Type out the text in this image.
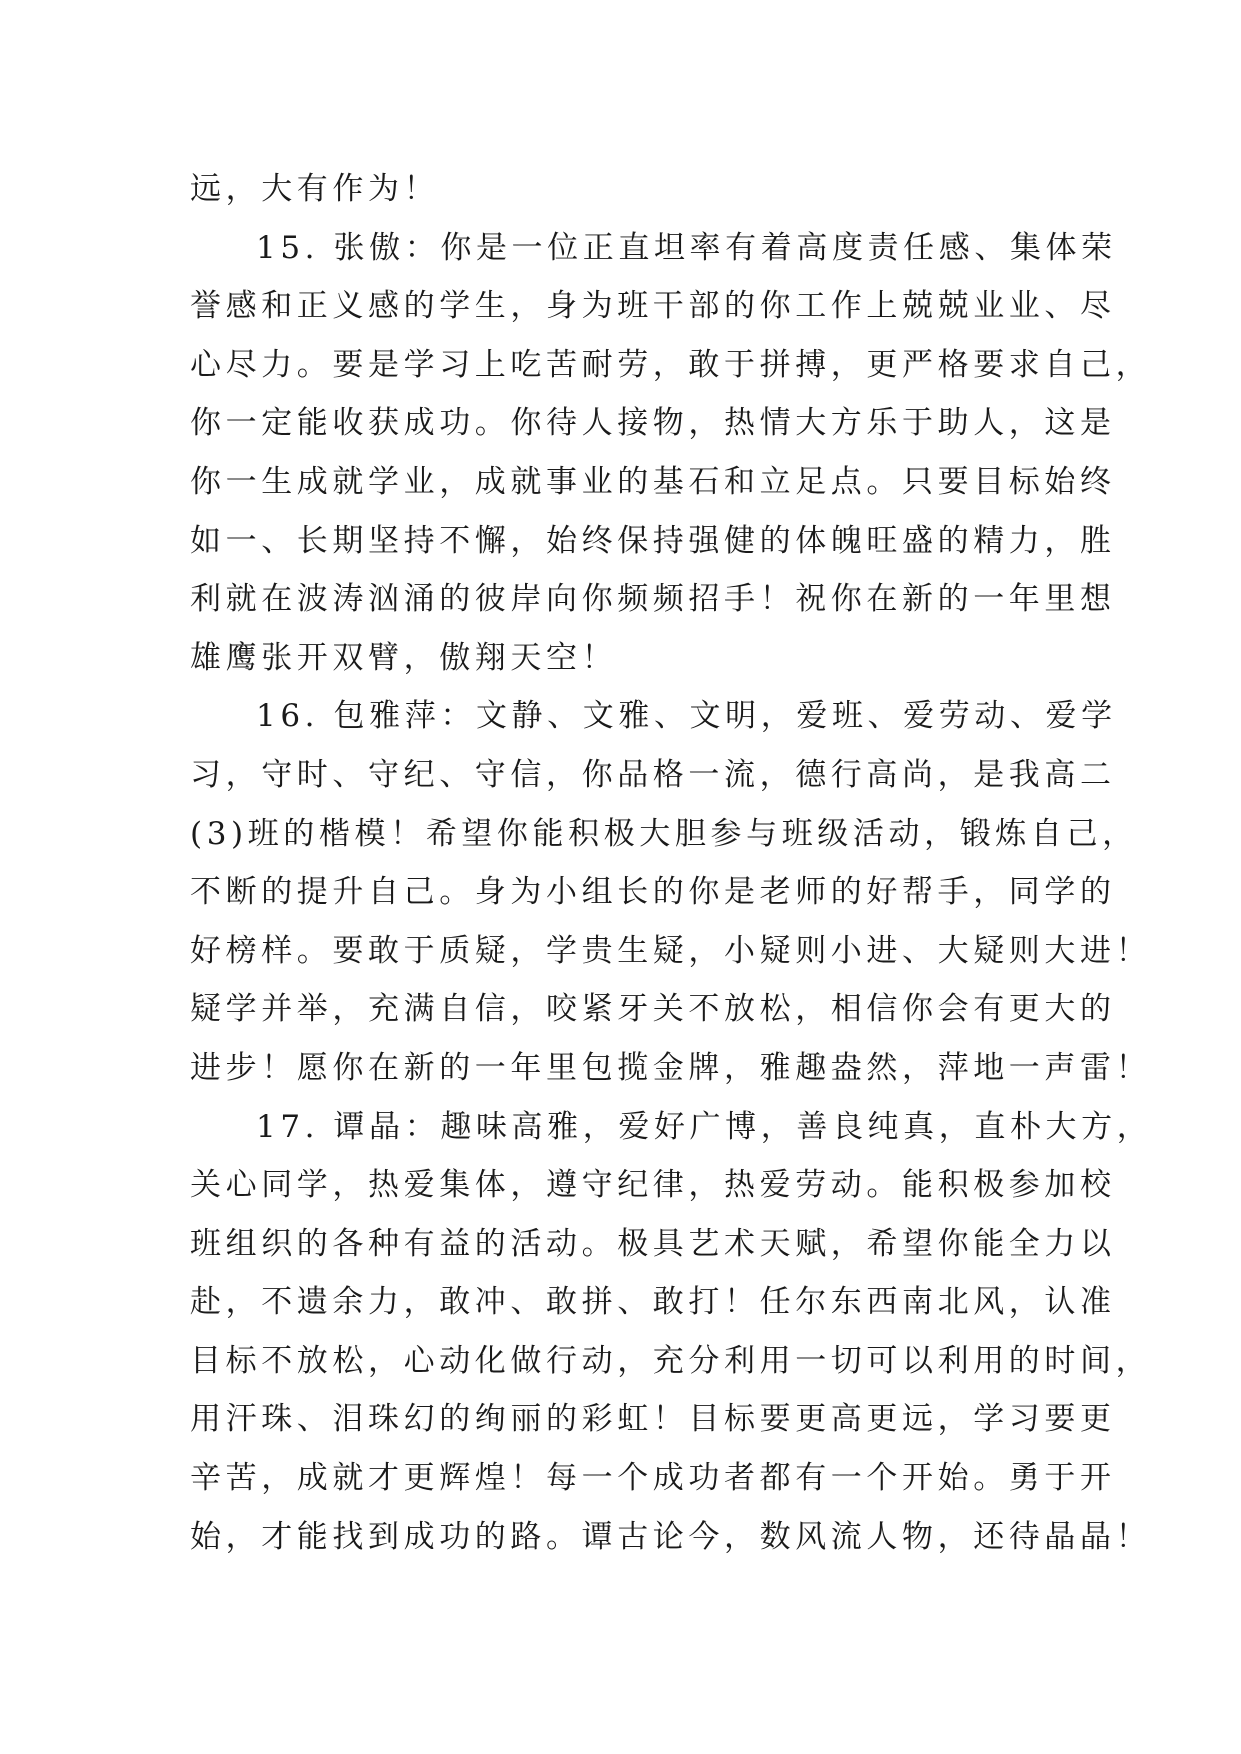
远，大有作为！
15. 张傲：你是一位正直坦率有着高度责任感、集体荣
誉感和正义感的学生，身为班干部的你工作上兢兢业业、尽
心尽力。要是学习上吃苦耐劳，敢于拼搏，更严格要求自己，
你一定能收获成功。你待人接物，热情大方乐于助人，这是
你一生成就学业，成就事业的基石和立足点。只要目标始终
如一、长期坚持不懈，始终保持强健的体魄旺盛的精力，胜
利就在波涛汹涌的彼岸向你频频招手！祝你在新的一年里想
雄鹰张开双臂，傲翔天空！
16. 包雅萍：文静、文雅、文明，爱班、爱劳动、爱学
习，守时、守纪、守信，你品格一流，德行高尚，是我高二
(3)班的楷模！希望你能积极大胆参与班级活动，锻炼自己，
不断的提升自己。身为小组长的你是老师的好帮手，同学的
好榜样。要敢于质疑，学贵生疑，小疑则小进、大疑则大进！
疑学并举，充满自信，咬紧牙关不放松，相信你会有更大的
进步！愿你在新的一年里包揽金牌，雅趣盎然，萍地一声雷！
17. 谭晶：趣味高雅，爱好广博，善良纯真，直朴大方，
关心同学，热爱集体，遵守纪律，热爱劳动。能积极参加校
班组织的各种有益的活动。极具艺术天赋，希望你能全力以
赴，不遗余力，敢冲、敢拼、敢打！任尔东西南北风，认准
目标不放松，心动化做行动，充分利用一切可以利用的时间，
用汗珠、泪珠幻的绚丽的彩虹！目标要更高更远，学习要更
辛苦，成就才更辉煌！每一个成功者都有一个开始。勇于开
始，才能找到成功的路。谭古论今，数风流人物，还待晶晶！
